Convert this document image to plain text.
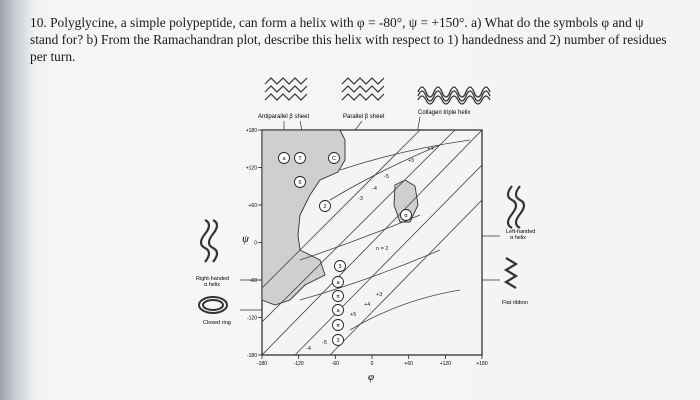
10. Polyglycine, a simple polypeptide, can form a helix with φ = -80°, ψ = +150°. a) What do the symbols φ and ψ
stand for? b) From the Ramachandran plot, describe this helix with respect to 1) handedness and 2) number of residues
per turn.
Antiparallel β sheet	Parallel β sheet
Collagen triple helix
+180
+120
+60
0
-60
-120
-180
-180	-120	-60	0	+60	+120	+180
a T	C
6
2
3
a
π
a
π
α
3
+4
+5
-5
-4
-3
n = 2
+3
+4
+5
-5
-4
ψ
φ
Right-handed α helix
Closed ring
Left-handed α helix
Flat ribbon
